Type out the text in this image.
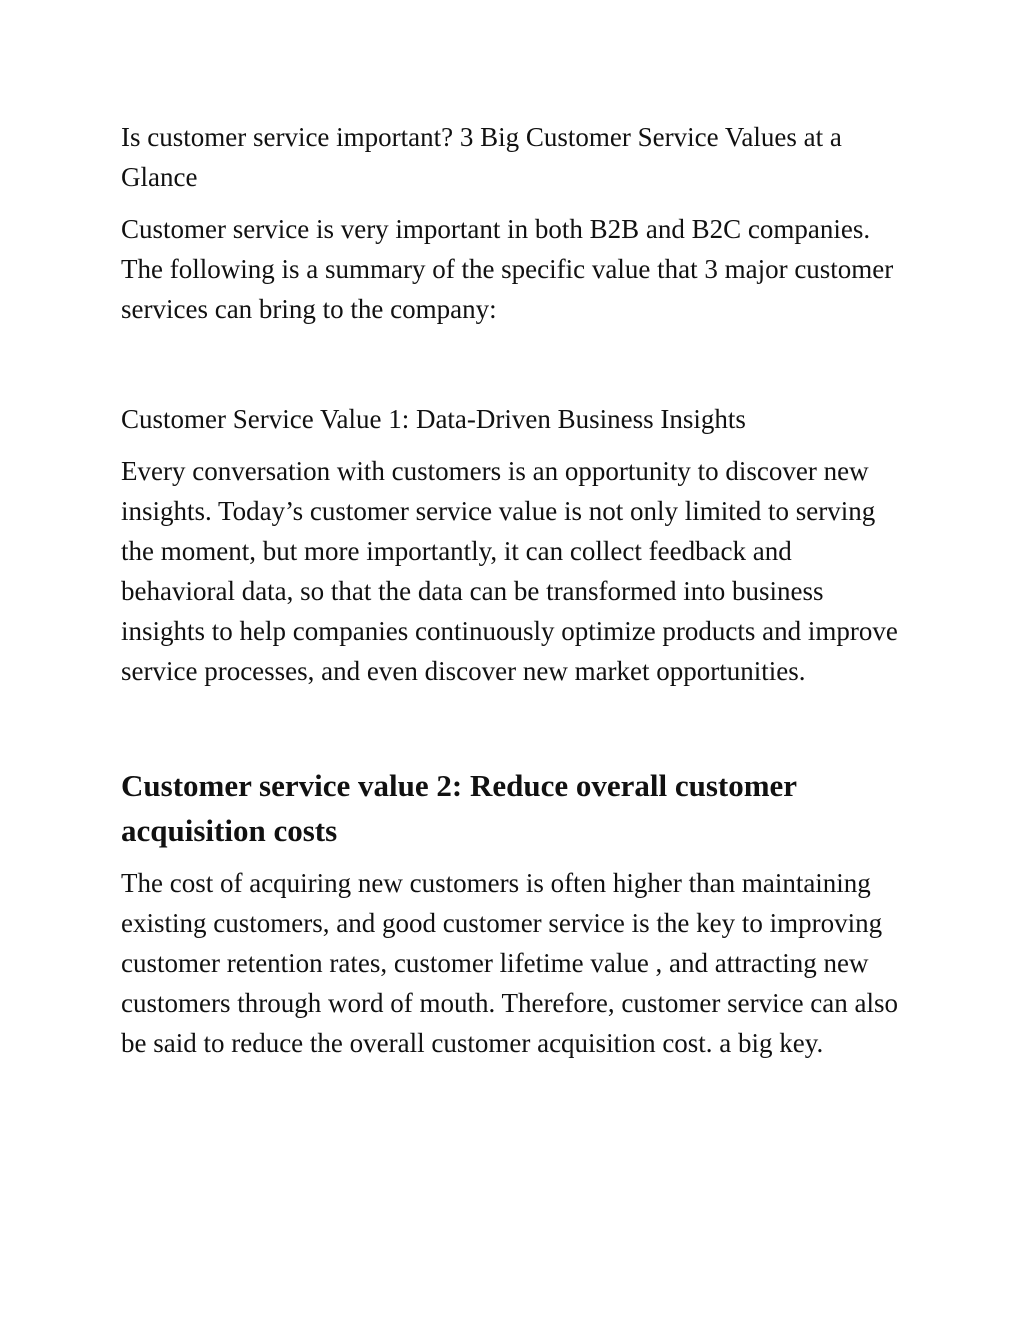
Is customer service important? 3 Big Customer Service Values at a Glance

Customer service is very important in both B2B and B2C companies. The following is a summary of the specific value that 3 major customer services can bring to the company:

Customer Service Value 1: Data-Driven Business Insights

Every conversation with customers is an opportunity to discover new insights. Today’s customer service value is not only limited to serving the moment, but more importantly, it can collect feedback and behavioral data, so that the data can be transformed into business insights to help companies continuously optimize products and improve service processes, and even discover new market opportunities.

Customer service value 2: Reduce overall customer acquisition costs

The cost of acquiring new customers is often higher than maintaining existing customers, and good customer service is the key to improving customer retention rates, customer lifetime value , and attracting new customers through word of mouth. Therefore, customer service can also be said to reduce the overall customer acquisition cost. a big key.
